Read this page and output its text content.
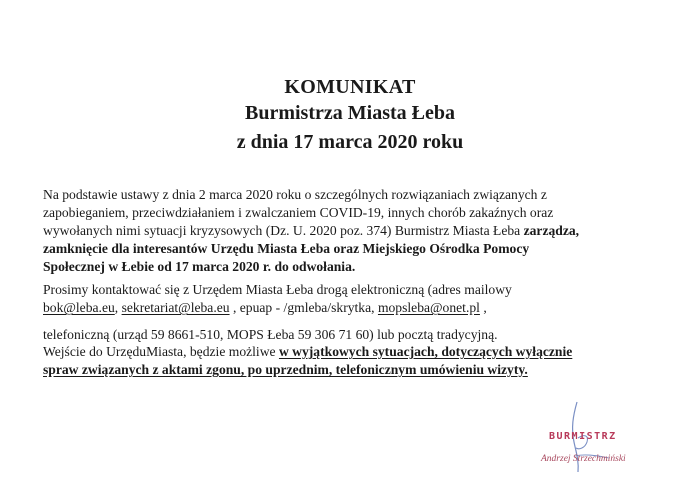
KOMUNIKAT
Burmistrza Miasta Łeba
z dnia 17 marca 2020 roku
Na podstawie ustawy z dnia 2 marca 2020 roku o szczególnych rozwiązaniach związanych z
zapobieganiem, przeciwdziałaniem i zwalczaniem COVID-19, innych chorób zakaźnych oraz
wywołanych nimi sytuacji kryzysowych (Dz. U. 2020 poz. 374) Burmistrz Miasta Łeba zarządza,
zamknięcie dla interesantów Urzędu Miasta Łeba oraz Miejskiego Ośrodka Pomocy
Społecznej w Łebie od 17 marca 2020 r. do odwołania.
Prosimy kontaktować się z Urzędem Miasta Łeba drogą elektroniczną (adres mailowy
bok@leba.eu, sekretariat@leba.eu , epuap - /gmleba/skrytka, mopsleba@onet.pl ,
telefoniczną (urząd 59 8661-510, MOPS Łeba 59 306 71 60) lub pocztą tradycyjną.
Wejście do UrzęduMiasta, będzie możliwe w wyjątkowych sytuacjach, dotyczących wyłącznie
spraw związanych z aktami zgonu, po uprzednim, telefonicznym umówieniu wizyty.
BURMISTRZ
Andrzej Strzechmiński
